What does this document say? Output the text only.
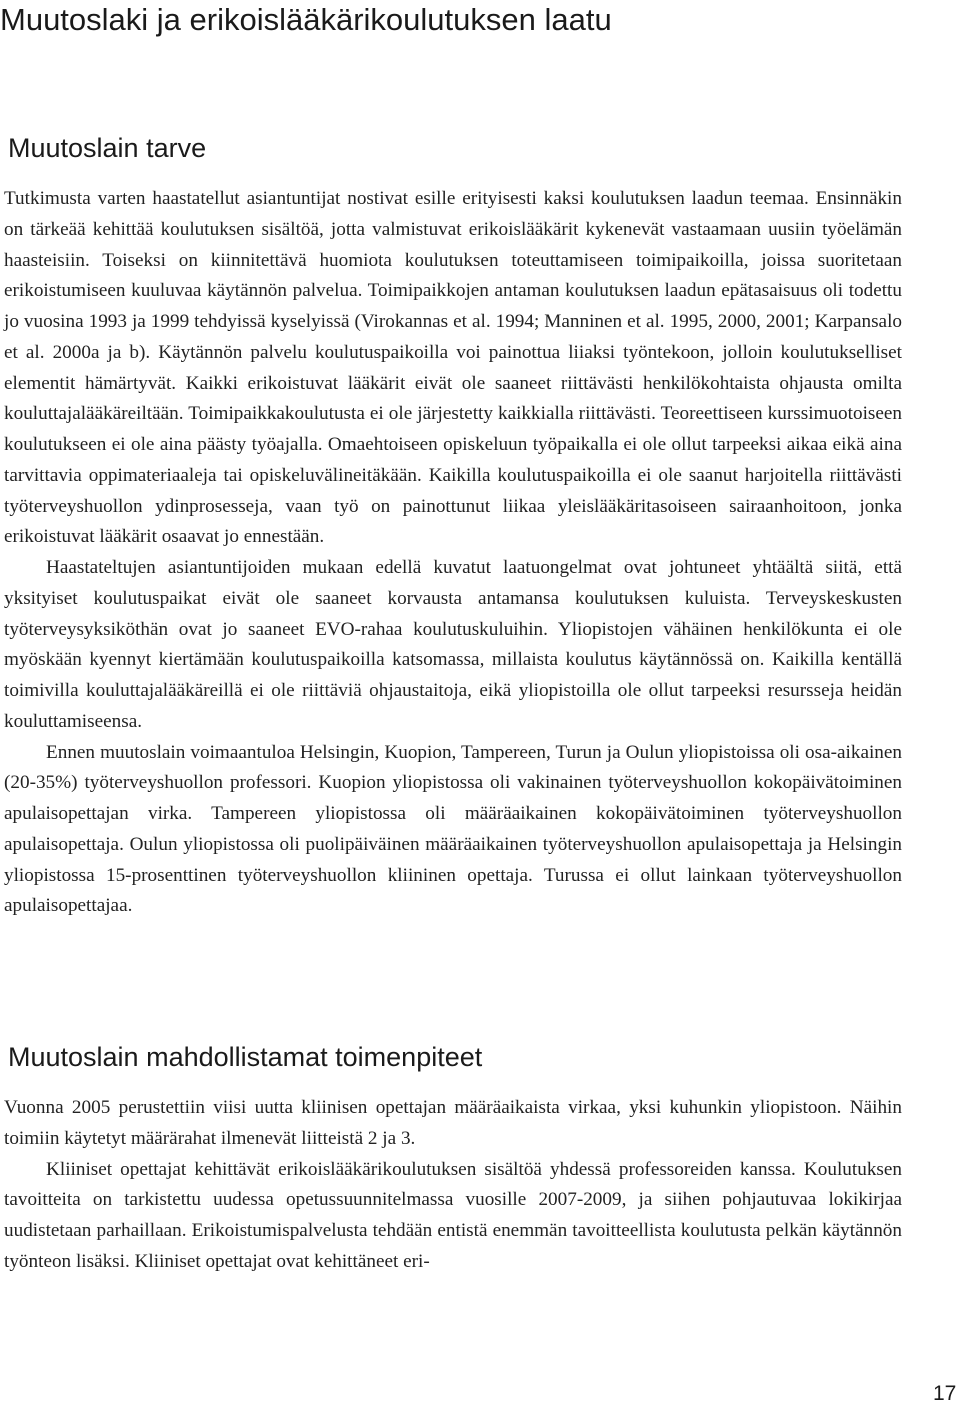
Muutoslaki ja erikoislääkärikoulutuksen laatu
Muutoslain tarve

Tutkimusta varten haastatellut asiantuntijat nostivat esille erityisesti kaksi koulutuksen laadun teemaa. Ensinnäkin on tärkeää kehittää koulutuksen sisältöä, jotta valmistuvat erikoislääkärit kykenevät vastaamaan uusiin työelämän haasteisiin. Toiseksi on kiinnitettävä huomiota koulutuksen toteuttamiseen toimipaikoilla, joissa suoritetaan erikoistumiseen kuuluvaa käytännön palvelua. Toimipaikkojen antaman koulutuksen laadun epätasaisuus oli todettu jo vuosina 1993 ja 1999 tehdyissä kyselyissä (Virokannas et al. 1994; Manninen et al. 1995, 2000, 2001; Karpansalo et al. 2000a ja b). Käytännön palvelu koulutuspaikoilla voi painottua liiaksi työntekoon, jolloin koulutukselliset elementit hämärtyvät. Kaikki erikoistuvat lääkärit eivät ole saaneet riittävästi henkilökohtaista ohjausta omilta kouluttajalääkäreiltään. Toimipaikkakoulutusta ei ole järjestetty kaikkialla riittävästi. Teoreettiseen kurssimuotoiseen koulutukseen ei ole aina päästy työajalla. Omaehtoiseen opiskeluun työpaikalla ei ole ollut tarpeeksi aikaa eikä aina tarvittavia oppimateriaaleja tai opiskeluvälineitäkään. Kaikilla koulutuspaikoilla ei ole saanut harjoitella riittävästi työterveyshuollon ydinprosesseja, vaan työ on painottunut liikaa yleislääkäritasoiseen sairaanhoitoon, jonka erikoistuvat lääkärit osaavat jo ennestään.

Haastateltujen asiantuntijoiden mukaan edellä kuvatut laatuongelmat ovat johtuneet yhtäältä siitä, että yksityiset koulutuspaikat eivät ole saaneet korvausta antamansa koulutuksen kuluista. Terveyskeskusten työterveysyksiköthän ovat jo saaneet EVO-rahaa koulutuskuluihin. Yliopistojen vähäinen henkilökunta ei ole myöskään kyennyt kiertämään koulutuspaikoilla katsomassa, millaista koulutus käytännössä on. Kaikilla kentällä toimivilla kouluttajalääkäreillä ei ole riittäviä ohjaustaitoja, eikä yliopistoilla ole ollut tarpeeksi resursseja heidän kouluttamiseensa.

Ennen muutoslain voimaantuloa Helsingin, Kuopion, Tampereen, Turun ja Oulun yliopistoissa oli osa-aikainen (20-35%) työterveyshuollon professori. Kuopion yliopistossa oli vakinainen työterveyshuollon kokopäivätoiminen apulaisopettajan virka. Tampereen yliopistossa oli määräaikainen kokopäivätoiminen työterveyshuollon apulaisopettaja. Oulun yliopistossa oli puolipäiväinen määräaikainen työterveyshuollon apulaisopettaja ja Helsingin yliopistossa 15-prosenttinen työterveyshuollon kliininen opettaja. Turussa ei ollut lainkaan työterveyshuollon apulaisopettajaa.

Muutoslain mahdollistamat toimenpiteet

Vuonna 2005 perustettiin viisi uutta kliinisen opettajan määräaikaista virkaa, yksi kuhunkin yliopistoon. Näihin toimiin käytetyt määrärahat ilmenevät liitteistä 2 ja 3.

Kliiniset opettajat kehittävät erikoislääkärikoulutuksen sisältöä yhdessä professoreiden kanssa. Koulutuksen tavoitteita on tarkistettu uudessa opetussuunnitelmassa vuosille 2007-2009, ja siihen pohjautuvaa lokikirjaa uudistetaan parhaillaan. Erikoistumispalvelusta tehdään entistä enemmän tavoitteellista koulutusta pelkän käytännön työnteon lisäksi. Kliiniset opettajat ovat kehittäneet eri-

17
